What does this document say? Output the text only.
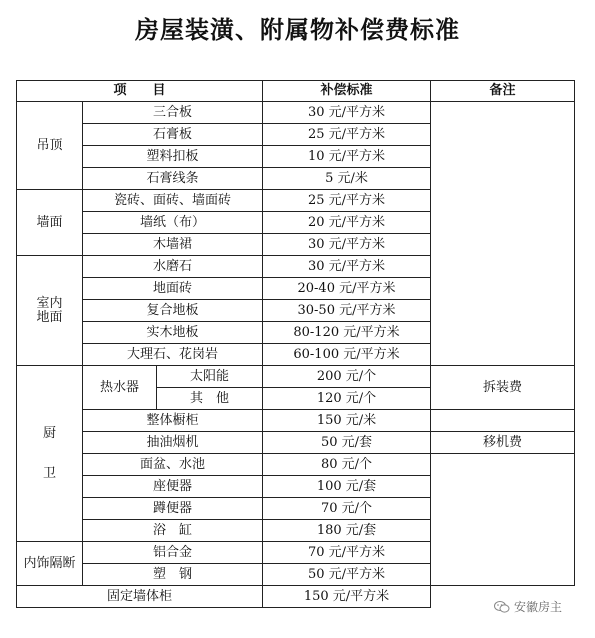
房屋装潢、附属物补偿费标准
项　　目			补偿标准	备注
吊顶	三合板		30 元/平方米	
	石膏板		25 元/平方米	
	塑料扣板		10 元/平方米	
	石膏线条		5 元/米	
墙面	瓷砖、面砖、墙面砖		25 元/平方米	
	墙纸（布）		20 元/平方米	
	木墙裙		30 元/平方米	

室内
地面	水磨石		30 元/平方米	
	地面砖		20-40 元/平方米	
	复合地板		30-50 元/平方米	
	实木地板		80-120 元/平方米	
	大理石、花岗岩		60-100 元/平方米	

厨
卫	热水器	太阳能	200 元/个	拆装费
		其　他	120 元/个	
	整体橱柜		150 元/米	
	抽油烟机		50 元/套	移机费
	面盆、水池		80 元/个	
	座便器		100 元/套	
	蹲便器		70 元/个	
	浴　缸		180 元/套	
内饰隔断	铝合金		70 元/平方米	
	塑　钢		50 元/平方米	
固定墙体柜			150 元/平方米	
安徽房主
